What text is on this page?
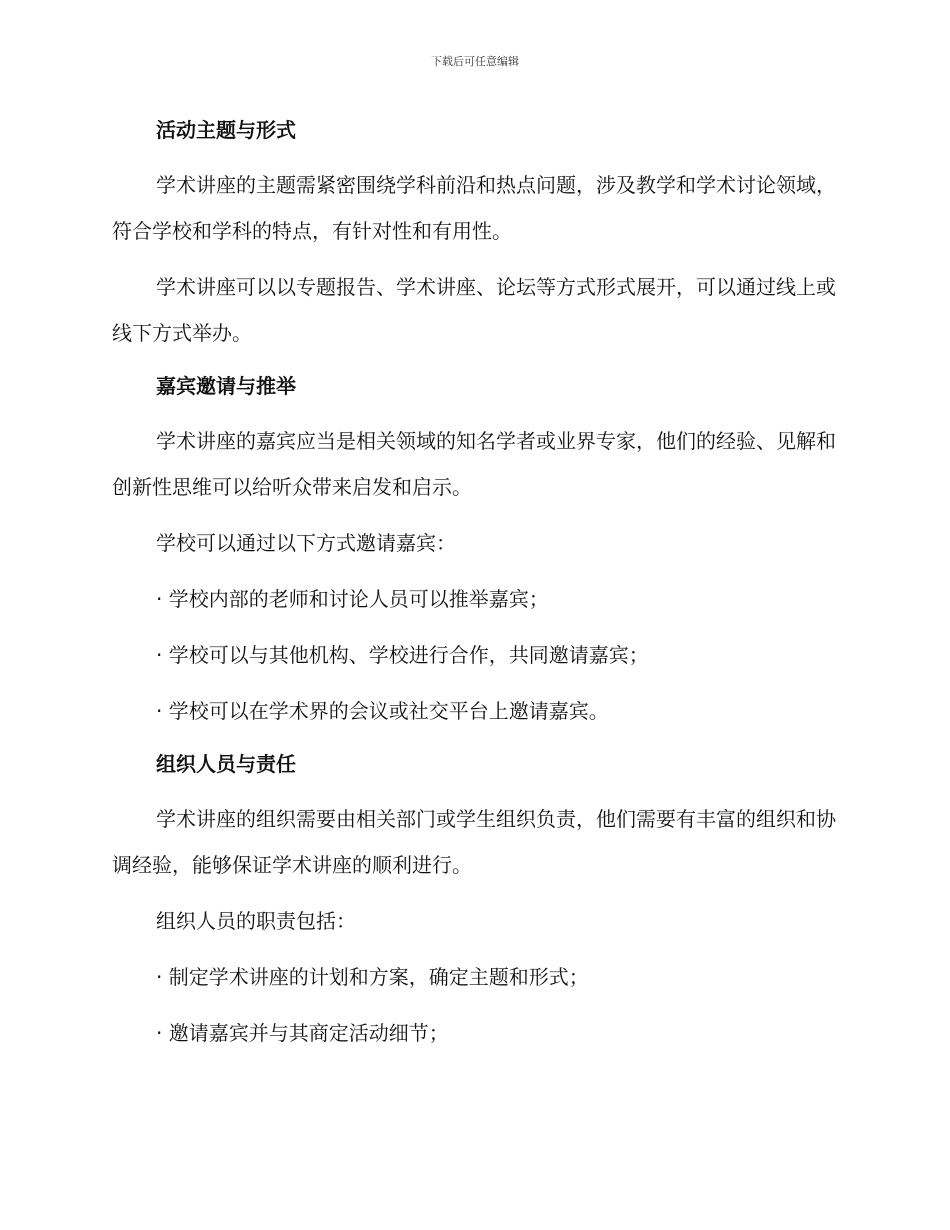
下载后可任意编辑
活动主题与形式
学术讲座的主题需紧密围绕学科前沿和热点问题，涉及教学和学术讨论领域，符合学校和学科的特点，有针对性和有用性。
学术讲座可以以专题报告、学术讲座、论坛等方式形式展开，可以通过线上或线下方式举办。
嘉宾邀请与推举
学术讲座的嘉宾应当是相关领域的知名学者或业界专家，他们的经验、见解和创新性思维可以给听众带来启发和启示。
学校可以通过以下方式邀请嘉宾：
· 学校内部的老师和讨论人员可以推举嘉宾；
· 学校可以与其他机构、学校进行合作，共同邀请嘉宾；
· 学校可以在学术界的会议或社交平台上邀请嘉宾。
组织人员与责任
学术讲座的组织需要由相关部门或学生组织负责，他们需要有丰富的组织和协调经验，能够保证学术讲座的顺利进行。
组织人员的职责包括：
· 制定学术讲座的计划和方案，确定主题和形式；
· 邀请嘉宾并与其商定活动细节；
